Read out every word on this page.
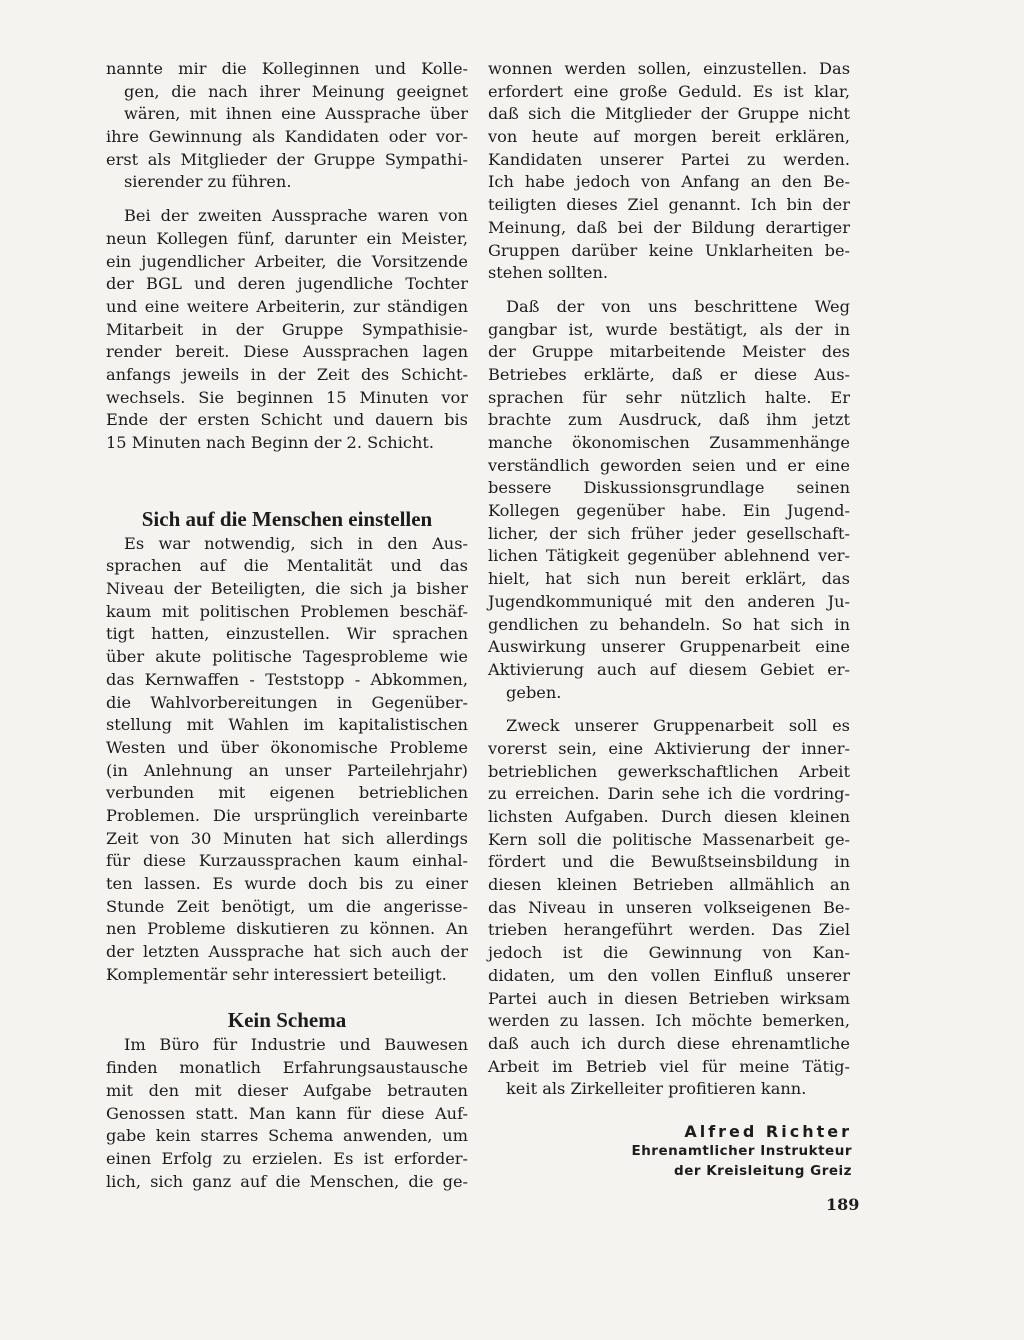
nannte mir die Kolleginnen und Kolle-
gen, die nach ihrer Meinung geeignet
wären, mit ihnen eine Aussprache über
ihre Gewinnung als Kandidaten oder vor-
erst als Mitglieder der Gruppe Sympathi-
sierender zu führen.
Bei der zweiten Aussprache waren von
neun Kollegen fünf, darunter ein Meister,
ein jugendlicher Arbeiter, die Vorsitzende
der BGL und deren jugendliche Tochter
und eine weitere Arbeiterin, zur ständigen
Mitarbeit in der Gruppe Sympathisie-
render bereit. Diese Aussprachen lagen
anfangs jeweils in der Zeit des Schicht-
wechsels. Sie beginnen 15 Minuten vor
Ende der ersten Schicht und dauern bis
15 Minuten nach Beginn der 2. Schicht.
Sich auf die Menschen einstellen
Es war notwendig, sich in den Aus-
sprachen auf die Mentalität und das
Niveau der Beteiligten, die sich ja bisher
kaum mit politischen Problemen beschäf-
tigt hatten, einzustellen. Wir sprachen
über akute politische Tagesprobleme wie
das Kernwaffen - Teststopp - Abkommen,
die Wahlvorbereitungen in Gegenüber-
stellung mit Wahlen im kapitalistischen
Westen und über ökonomische Probleme
(in Anlehnung an unser Parteilehrjahr)
verbunden mit eigenen betrieblichen
Problemen. Die ursprünglich vereinbarte
Zeit von 30 Minuten hat sich allerdings
für diese Kurzaussprachen kaum einhal-
ten lassen. Es wurde doch bis zu einer
Stunde Zeit benötigt, um die angerisse-
nen Probleme diskutieren zu können. An
der letzten Aussprache hat sich auch der
Komplementär sehr interessiert beteiligt.
Kein Schema
Im Büro für Industrie und Bauwesen
finden monatlich Erfahrungsaustausche
mit den mit dieser Aufgabe betrauten
Genossen statt. Man kann für diese Auf-
gabe kein starres Schema anwenden, um
einen Erfolg zu erzielen. Es ist erforder-
lich, sich ganz auf die Menschen, die ge-
wonnen werden sollen, einzustellen. Das
erfordert eine große Geduld. Es ist klar,
daß sich die Mitglieder der Gruppe nicht
von heute auf morgen bereit erklären,
Kandidaten unserer Partei zu werden.
Ich habe jedoch von Anfang an den Be-
teiligten dieses Ziel genannt. Ich bin der
Meinung, daß bei der Bildung derartiger
Gruppen darüber keine Unklarheiten be-
stehen sollten.
Daß der von uns beschrittene Weg
gangbar ist, wurde bestätigt, als der in
der Gruppe mitarbeitende Meister des
Betriebes erklärte, daß er diese Aus-
sprachen für sehr nützlich halte. Er
brachte zum Ausdruck, daß ihm jetzt
manche ökonomischen Zusammenhänge
verständlich geworden seien und er eine
bessere Diskussionsgrundlage seinen
Kollegen gegenüber habe. Ein Jugend-
licher, der sich früher jeder gesellschaft-
lichen Tätigkeit gegenüber ablehnend ver-
hielt, hat sich nun bereit erklärt, das
Jugendkommuniqué mit den anderen Ju-
gendlichen zu behandeln. So hat sich in
Auswirkung unserer Gruppenarbeit eine
Aktivierung auch auf diesem Gebiet er-
geben.
Zweck unserer Gruppenarbeit soll es
vorerst sein, eine Aktivierung der inner-
betrieblichen gewerkschaftlichen Arbeit
zu erreichen. Darin sehe ich die vordring-
lichsten Aufgaben. Durch diesen kleinen
Kern soll die politische Massenarbeit ge-
fördert und die Bewußtseinsbildung in
diesen kleinen Betrieben allmählich an
das Niveau in unseren volkseigenen Be-
trieben herangeführt werden. Das Ziel
jedoch ist die Gewinnung von Kan-
didaten, um den vollen Einfluß unserer
Partei auch in diesen Betrieben wirksam
werden zu lassen. Ich möchte bemerken,
daß auch ich durch diese ehrenamtliche
Arbeit im Betrieb viel für meine Tätig-
keit als Zirkelleiter profitieren kann.
Alfred Richter
Ehrenamtlicher Instrukteur
der Kreisleitung Greiz
189
